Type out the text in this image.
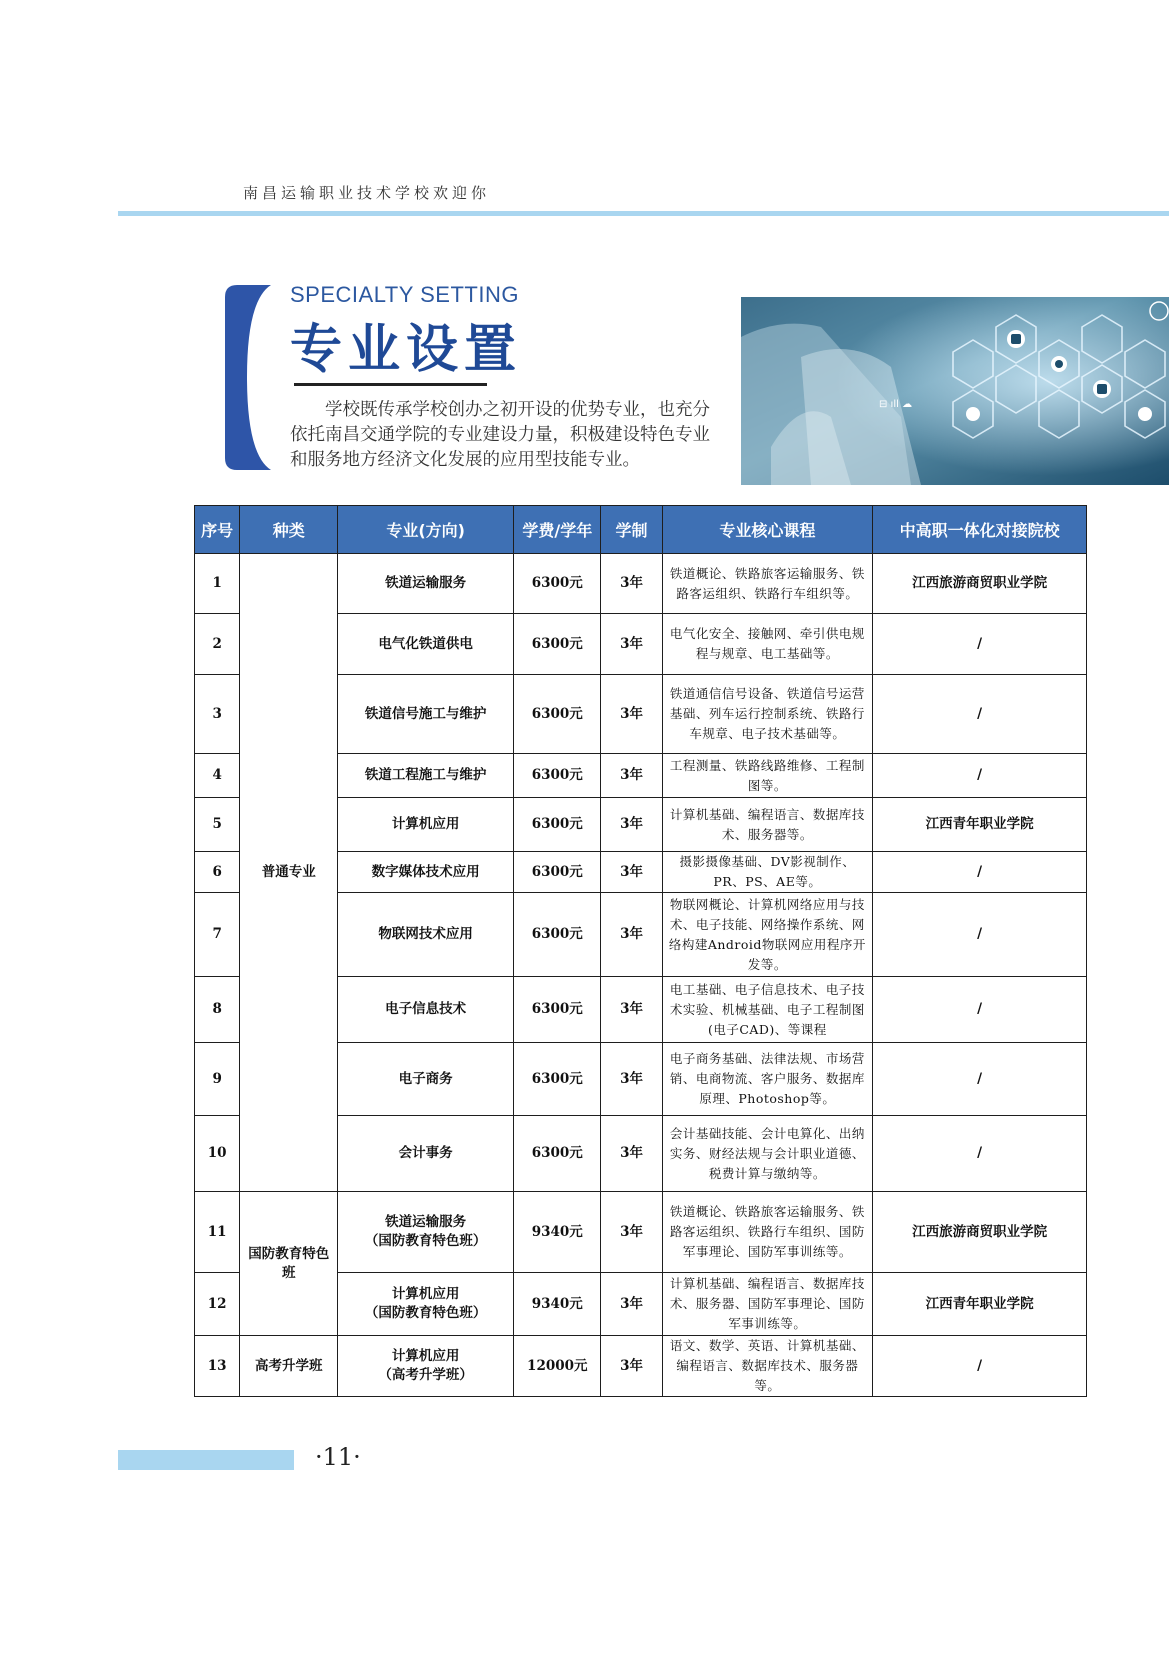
南昌运输职业技术学校欢迎你
SPECIALTY SETTING
专业设置
学校既传承学校创办之初开设的优势专业，也充分
依托南昌交通学院的专业建设力量，积极建设特色专业
和服务地方经济文化发展的应用型技能专业。
⊟ ıll ☁
序号	种类	专业(方向)	学费/学年	学制	专业核心课程	中高职一体化对接院校
1	普通专业	铁道运输服务	6300元	3年	铁道概论、铁路旅客运输服务、铁路客运组织、铁路行车组织等。	江西旅游商贸职业学院
2		电气化铁道供电	6300元	3年	电气化安全、接触网、牵引供电规程与规章、电工基础等。	/
3		铁道信号施工与维护	6300元	3年	铁道通信信号设备、铁道信号运营基础、列车运行控制系统、铁路行车规章、电子技术基础等。	/
4		铁道工程施工与维护	6300元	3年	工程测量、铁路线路维修、工程制图等。	/
5		计算机应用	6300元	3年	计算机基础、编程语言、数据库技术、服务器等。	江西青年职业学院
6		数字媒体技术应用	6300元	3年	摄影摄像基础、DV影视制作、PR、PS、AE等。	/
7		物联网技术应用	6300元	3年	物联网概论、计算机网络应用与技术、电子技能、网络操作系统、网络构建Android物联网应用程序开发等。	/
8		电子信息技术	6300元	3年	电工基础、电子信息技术、电子技术实验、机械基础、电子工程制图(电子CAD)、等课程	/
9		电子商务	6300元	3年	电子商务基础、法律法规、市场营销、电商物流、客户服务、数据库原理、Photoshop等。	/
10		会计事务	6300元	3年	会计基础技能、会计电算化、出纳实务、财经法规与会计职业道德、税费计算与缴纳等。	/
11	国防教育特色班	铁道运输服务
（国防教育特色班）	9340元	3年	铁道概论、铁路旅客运输服务、铁路客运组织、铁路行车组织、国防军事理论、国防军事训练等。	江西旅游商贸职业学院
12		计算机应用
（国防教育特色班）	9340元	3年	计算机基础、编程语言、数据库技术、服务器、国防军事理论、国防军事训练等。	江西青年职业学院
13	高考升学班	计算机应用
（高考升学班）	12000元	3年	语文、数学、英语、计算机基础、编程语言、数据库技术、服务器等。	/
·11·
